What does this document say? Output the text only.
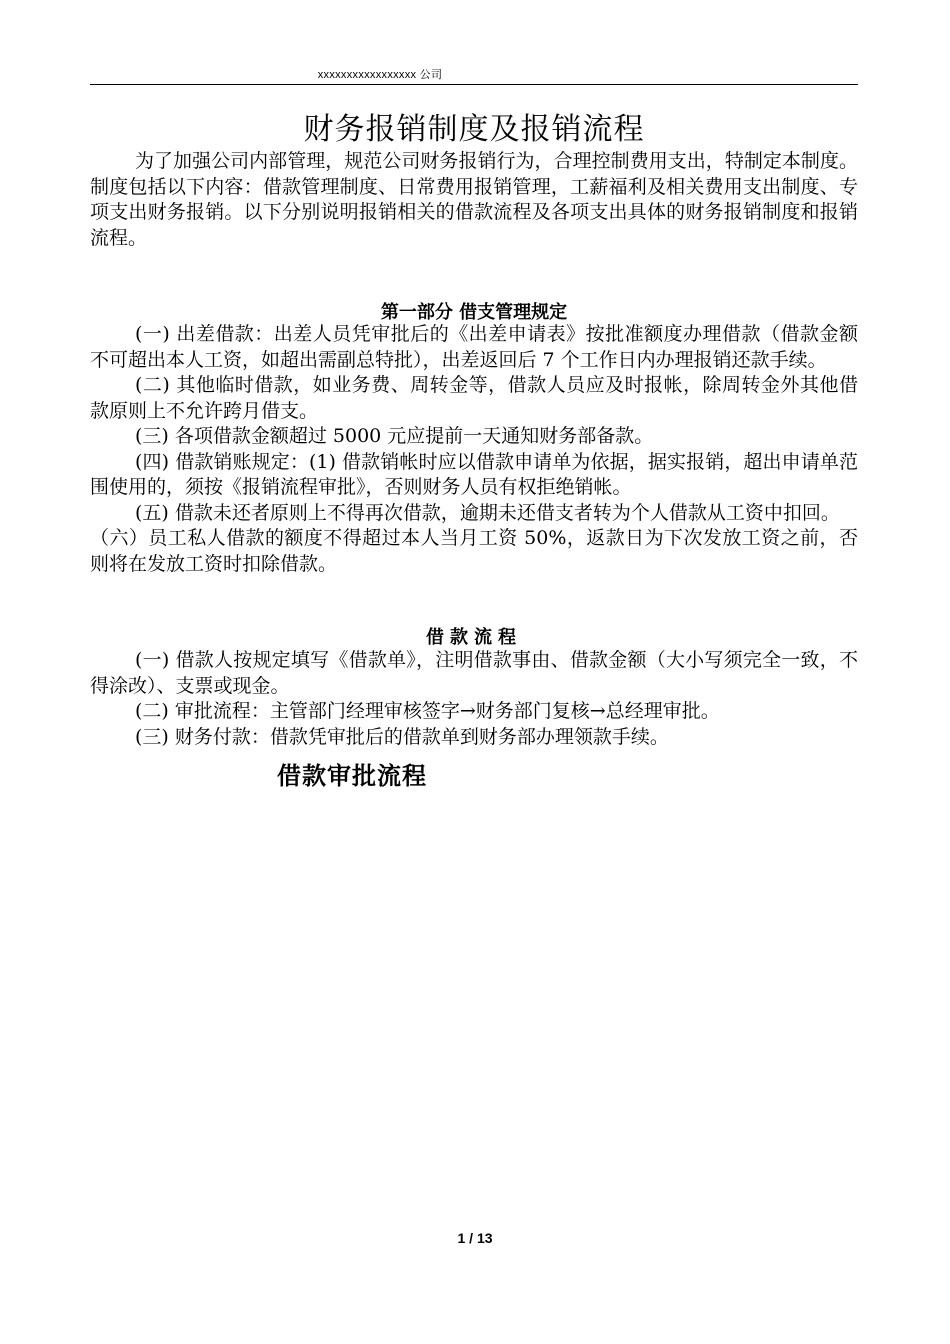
xxxxxxxxxxxxxxxxx 公司
财务报销制度及报销流程

为了加强公司内部管理，规范公司财务报销行为，合理控制费用支出，特制定本制度。制度包括以下内容：借款管理制度、日常费用报销管理，工薪福利及相关费用支出制度、专项支出财务报销。以下分别说明报销相关的借款流程及各项支出具体的财务报销制度和报销流程。

第一部分 借支管理规定

(一) 出差借款：出差人员凭审批后的《出差申请表》按批准额度办理借款（借款金额不可超出本人工资，如超出需副总特批），出差返回后 7 个工作日内办理报销还款手续。

(二) 其他临时借款，如业务费、周转金等，借款人员应及时报帐，除周转金外其他借款原则上不允许跨月借支。

(三) 各项借款金额超过 5000 元应提前一天通知财务部备款。

(四) 借款销账规定：(1) 借款销帐时应以借款申请单为依据，据实报销，超出申请单范围使用的，须按《报销流程审批》，否则财务人员有权拒绝销帐。

(五) 借款未还者原则上不得再次借款，逾期未还借支者转为个人借款从工资中扣回。

（六）员工私人借款的额度不得超过本人当月工资 50%，返款日为下次发放工资之前，否则将在发放工资时扣除借款。

借款流程

(一) 借款人按规定填写《借款单》，注明借款事由、借款金额（大小写须完全一致，不得涂改）、支票或现金。

(二) 审批流程：主管部门经理审核签字→财务部门复核→总经理审批。

(三) 财务付款：借款凭审批后的借款单到财务部办理领款手续。

借款审批流程
1 / 13
